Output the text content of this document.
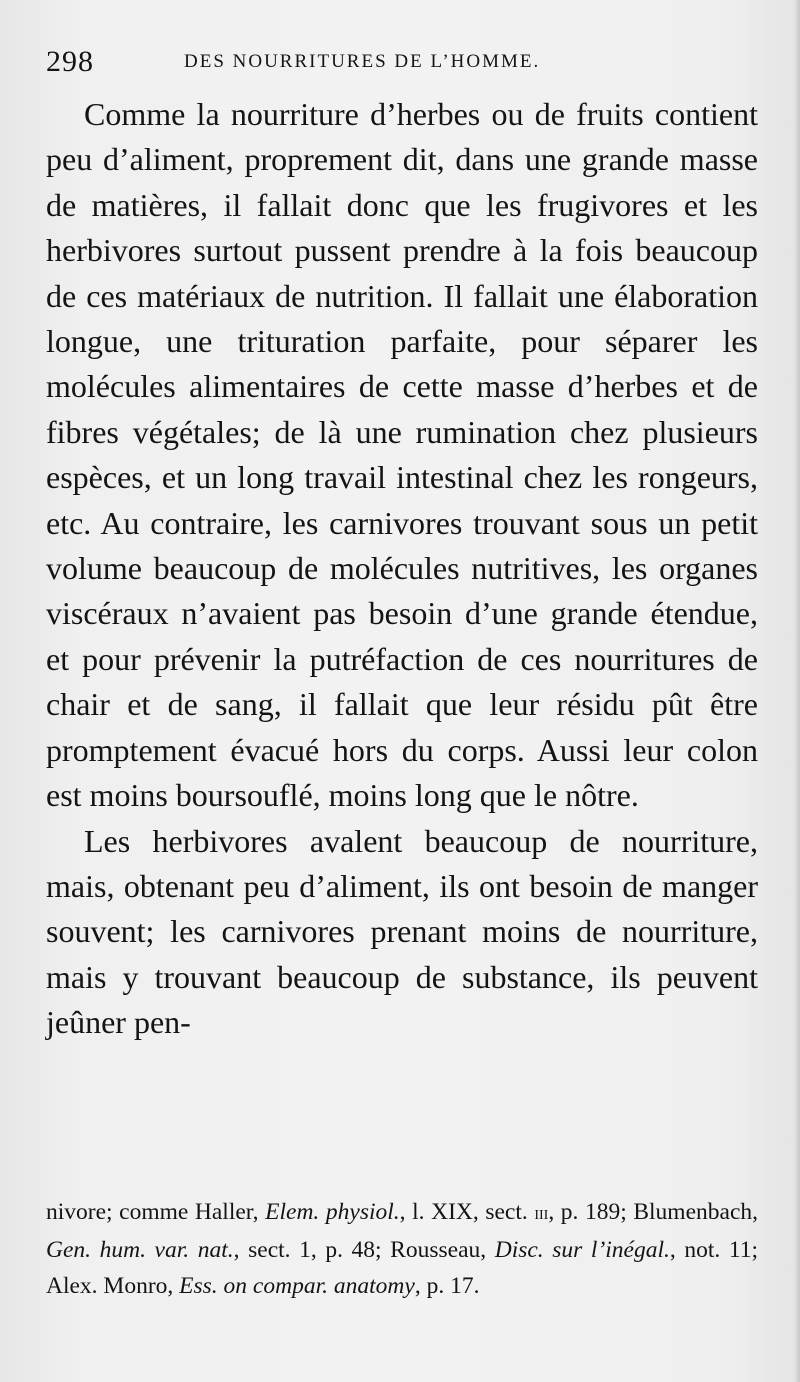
298	DES NOURRITURES DE L’HOMME.

Comme la nourriture d’herbes ou de fruits contient peu d’aliment, proprement dit, dans une grande masse de matières, il fallait donc que les frugivores et les herbivores surtout pussent prendre à la fois beaucoup de ces matériaux de nutrition. Il fallait une élaboration longue, une trituration parfaite, pour séparer les molécules alimentaires de cette masse d’herbes et de fibres végétales; de là une rumination chez plusieurs espèces, et un long travail intestinal chez les rongeurs, etc. Au contraire, les carnivores trouvant sous un petit volume beaucoup de molécules nutritives, les organes viscéraux n’avaient pas besoin d’une grande étendue, et pour prévenir la putréfaction de ces nourritures de chair et de sang, il fallait que leur résidu pût être promptement évacué hors du corps. Aussi leur colon est moins boursouflé, moins long que le nôtre.

Les herbivores avalent beaucoup de nourriture, mais, obtenant peu d’aliment, ils ont besoin de manger souvent; les carnivores prenant moins de nourriture, mais y trouvant beaucoup de substance, ils peuvent jeûner pen-

nivore; comme Haller, Elem. physiol., l. XIX, sect. iii, p. 189; Blumenbach, Gen. hum. var. nat., sect. 1, p. 48; Rousseau, Disc. sur l’inégal., not. 11; Alex. Monro, Ess. on compar. anatomy, p. 17.
